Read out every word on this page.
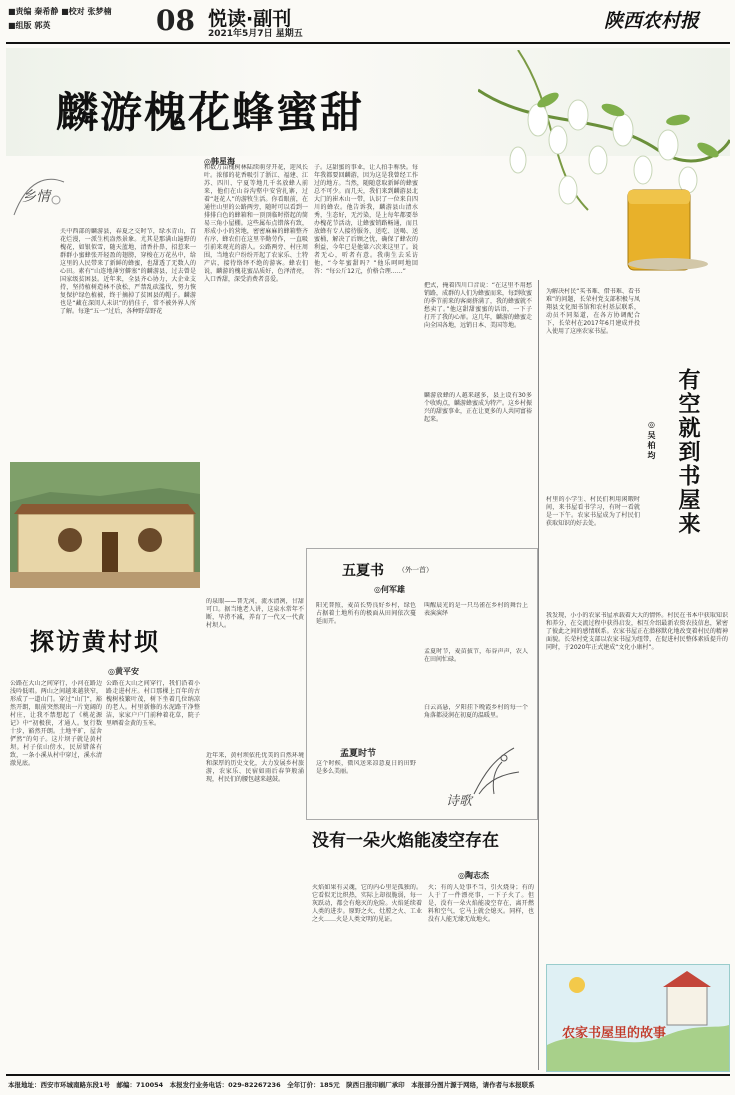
■责编 秦希静 ■校对 张梦楠
■组版 郭英	08 悦读·副刊
2021年5月7日 星期五
陕西农村报
麟游槐花蜂蜜甜
◎韩星海
乡情
关中西部的麟游县，春夏之交时节，绿水青山，百花烂漫，一派生机盎然景象。尤其是那满山遍野的槐花，如银似雪，随天蓝地，清香扑鼻，招惹来一群群小蜜蜂张开轻盈的翅膀，穿梭在万花丛中，给这里的人民带来了新鲜的蜂蜜，也甜透了无数人的心田。素有“山连地薄穷僻塞”的麟游县，过去曾是国家级贫困县。近年来，全县齐心协力，大企业支持，坚持植树造林不放松，严禁乱砍滥伐，努力恢复保护绿色植被，终于摘掉了贫困县的帽子。麟游也是“藏在深闺人未识”的俏佳子，常不被外界人所了解。每逢“五一”过后，各种野草野花
和数万亩槐树林陆续萌芽开花，迎风长叶。浓郁的花香吸引了浙江、福建、江苏、四川、宁夏等地几千名放蜂人前来，他们在山谷沟壑中安营扎寨，过着“赶花人”的游牧生活。你看眼前，在通往山里的公路两旁，随时可以看到一排排白色的蜂箱和一顶顶临时搭起的简易三角小屋棚。这些属布点错落有致，形成小小的营地，密密麻麻的蜂箱整齐有序，蜂农们在这里辛勤劳作，一直吸引前来观光的游人。公路两旁、村庄周围，当地农户纷纷开起了农家乐、土特产店，接待络绎不绝的游客。蜂农们说，麟游的槐花蜜品质好，色泽清亮，入口香甜，深受消费者喜爱。
子。这甜蜜的事业，让人拍手称快。每年我都要回麟游，因为这是我曾经工作过的地方。当然，随随意取新鲜的蜂蜜总不可少。而几天，我们来到麟游县北大门的崔木山一带，认识了一位来自四川的蜂农。他告诉我，麟游县山清水秀，生态好，无污染，是上每年都要举办槐花节活动，让蜂蜜销路畅通，而且放蜂有专人接待服务，送吃、送喝、送蜜桶，解决了后顾之忧，确保了蜂农的利益，今年已是他第六次来这里了。说者无心，听者有意。我萌生去采访他，“今年蜜甜吗？”他乐呵呵地回答：“每公斤12元，价格合理……”
把式，掩着四川口音说：“在这里不用愁销路，成群的人们为蜂蜜而来，每到收蜜的季节前来的客商挤满了，我的蜂蜜就不愁卖了。”他这甜甜蜜蜜的话语，一下子打开了我的心扉。这几年，麟游的蜂蜜走向全国各地，远销日本、美国等地。
麟游放蜂的人越来越多，县上设有30多个收购点，麟游蜂蜜成为特产。这乡村振兴的甜蜜事业，正在让更多的人共同富裕起来。
探访黄村坝
◎黄平安
公路在大山之间穿行，小河在路边浅吟低唱。两山之间越来越狭窄，形成了一道山门。穿过“山门”，豁然开朗，眼前突然现出一片宽阔的村庄，让我不禁想起了《桃花源记》中“初极狭，才通人。复行数十步，豁然开朗。土地平旷，屋舍俨然”的句子。这片坝子就是黄村坝。村子依山傍水，民居错落有致，一条小溪从村中穿过，溪水清澈见底。
公路在大山之间穿行，我们沿着小路走进村庄。村口那棵上百年的古槐树枝繁叶茂，树下坐着几位纳凉的老人。村里新修的水泥路干净整洁，家家户户门前种着花草，院子里晒着金黄的玉米。
的泉眼——普无河，流水清冽，甘甜可口。据当地老人讲，这泉水常年不断，旱涝不减，养育了一代又一代黄村坝人。
近年来，黄村坝依托优美的自然环境和深厚的历史文化，大力发展乡村旅游，农家乐、民宿如雨后春笋般涌现，村民们的腰包越来越鼓。
五夏书 （外一首）
◎何军雄
阳光普照，麦苗长势良好乡村，绿色占据着土地所有的极面从田间依次蔓延而开。
叫醒晨光的是一只鸟雀在乡村的舞台上表演演绎
孟夏时节，麦苗拔节，布谷声声，农人在田间忙碌。
白云高悬，夕阳挂下晚霞乡村的每一个角落都浸润在初夏的温暖里。
孟夏时节
这个时候，微风送来凉意夏日的田野是多么美丽。
诗歌
没有一朵火焰能凌空存在
◎陶志杰
火焰如果有灵魂，它的内心里是孤独的。它看似无比炽热，实际上却很脆弱，每一灰跃动，都会有熄灭的危险。火焰延续着人类的进步。原野之火、灶膛之火、工业之火……火是人类文明的见证。
火；有的人处事不当，引火烧身；有的人于了一件漂亮事，一下子火了。但是，没有一朵火焰能凌空存在，离开燃料和空气，它马上就会熄灭。同样，也没有人能无缘无故地火。
有空就到书屋来
◎吴柏均
为解决村民“买书难、借书难、看书难”的问题，长荣村党支部积极与凤翔县文化图书馆和农村基层联系，动员不同渠道，在各方协调配合下，长荣村在2017年6月建成并投入使用了这座农家书屋。
村里的小学生、村民们利用闲暇时间，来书屋看书学习，有时一看就是一下午。农家书屋成为了村民们获取知识的好去处。
我发现，小小的农家书屋承载着大大的情怀。村民在书本中获取知识和养分，在交流过程中获得启发，相互介绍最新农资农技信息，紧密了彼此之间的感情联系。农家书屋正在潜移默化地改变着村民的精神面貌。长荣村党支部以农家书屋为纽带，在促进村民整体素质提升的同时，于2020年正式建成“文化小康村”。
农家书屋里的故事
本报地址：西安市环城南路东段1号　邮编：710054　本报发行业务电话：029-82267236　全年订价：185元　陕西日报印刷厂承印　本报部分图片源于网络，请作者与本报联系
